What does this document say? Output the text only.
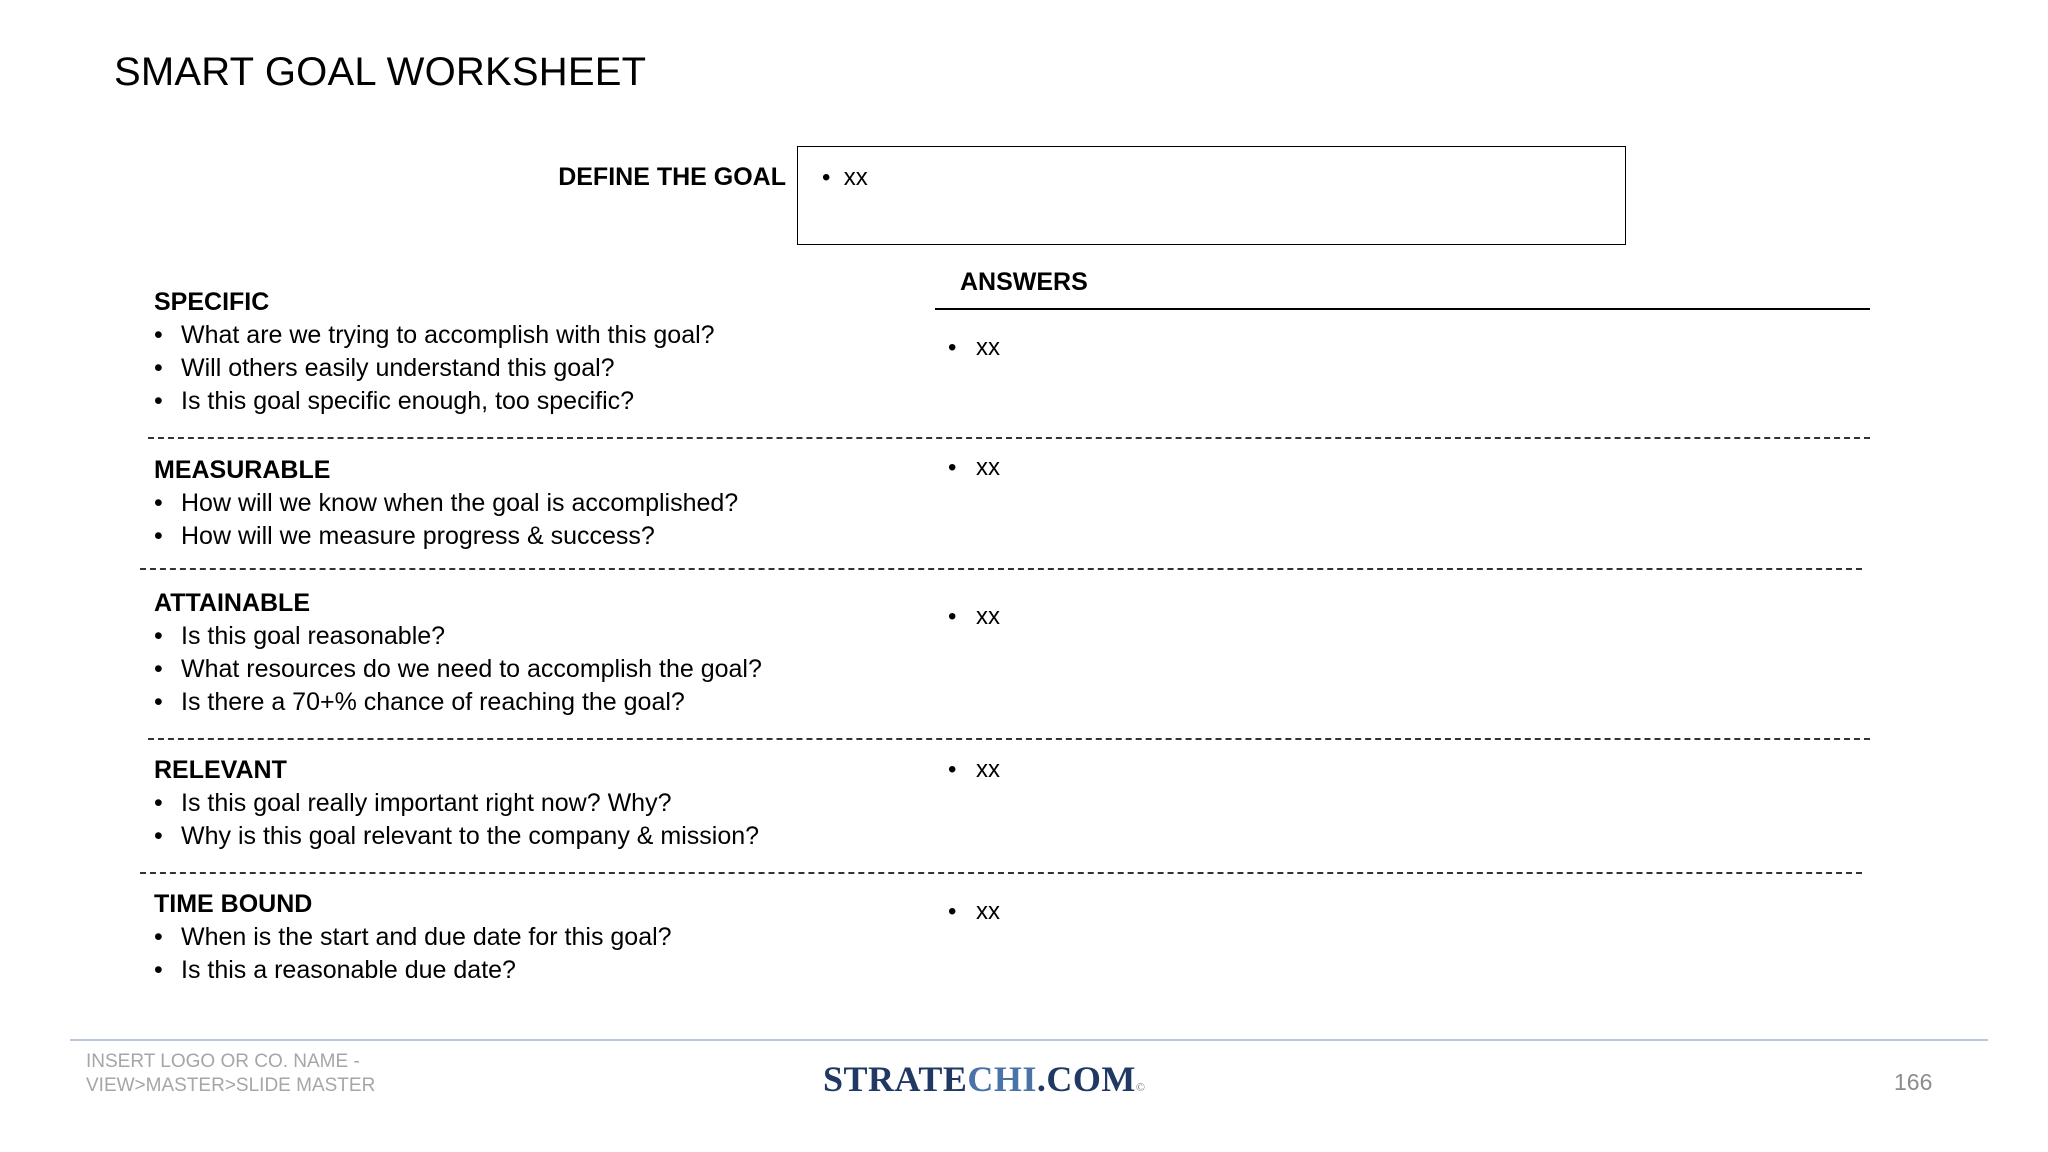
SMART GOAL WORKSHEET
DEFINE THE GOAL • xx
ANSWERS
SPECIFIC
• What are we trying to accomplish with this goal?
• Will others easily understand this goal?
• Is this goal specific enough, too specific?
• xx
MEASURABLE
• How will we know when the goal is accomplished?
• How will we measure progress & success?
• xx
ATTAINABLE
• Is this goal reasonable?
• What resources do we need to accomplish the goal?
• Is there a 70+% chance of reaching the goal?
• xx
RELEVANT
• Is this goal really important right now? Why?
• Why is this goal relevant to the company & mission?
• xx
TIME BOUND
• When is the start and due date for this goal?
• Is this a reasonable due date?
• xx
INSERT LOGO OR CO. NAME -
VIEW>MASTER>SLIDE MASTER	STRATECHI.COM©	166
